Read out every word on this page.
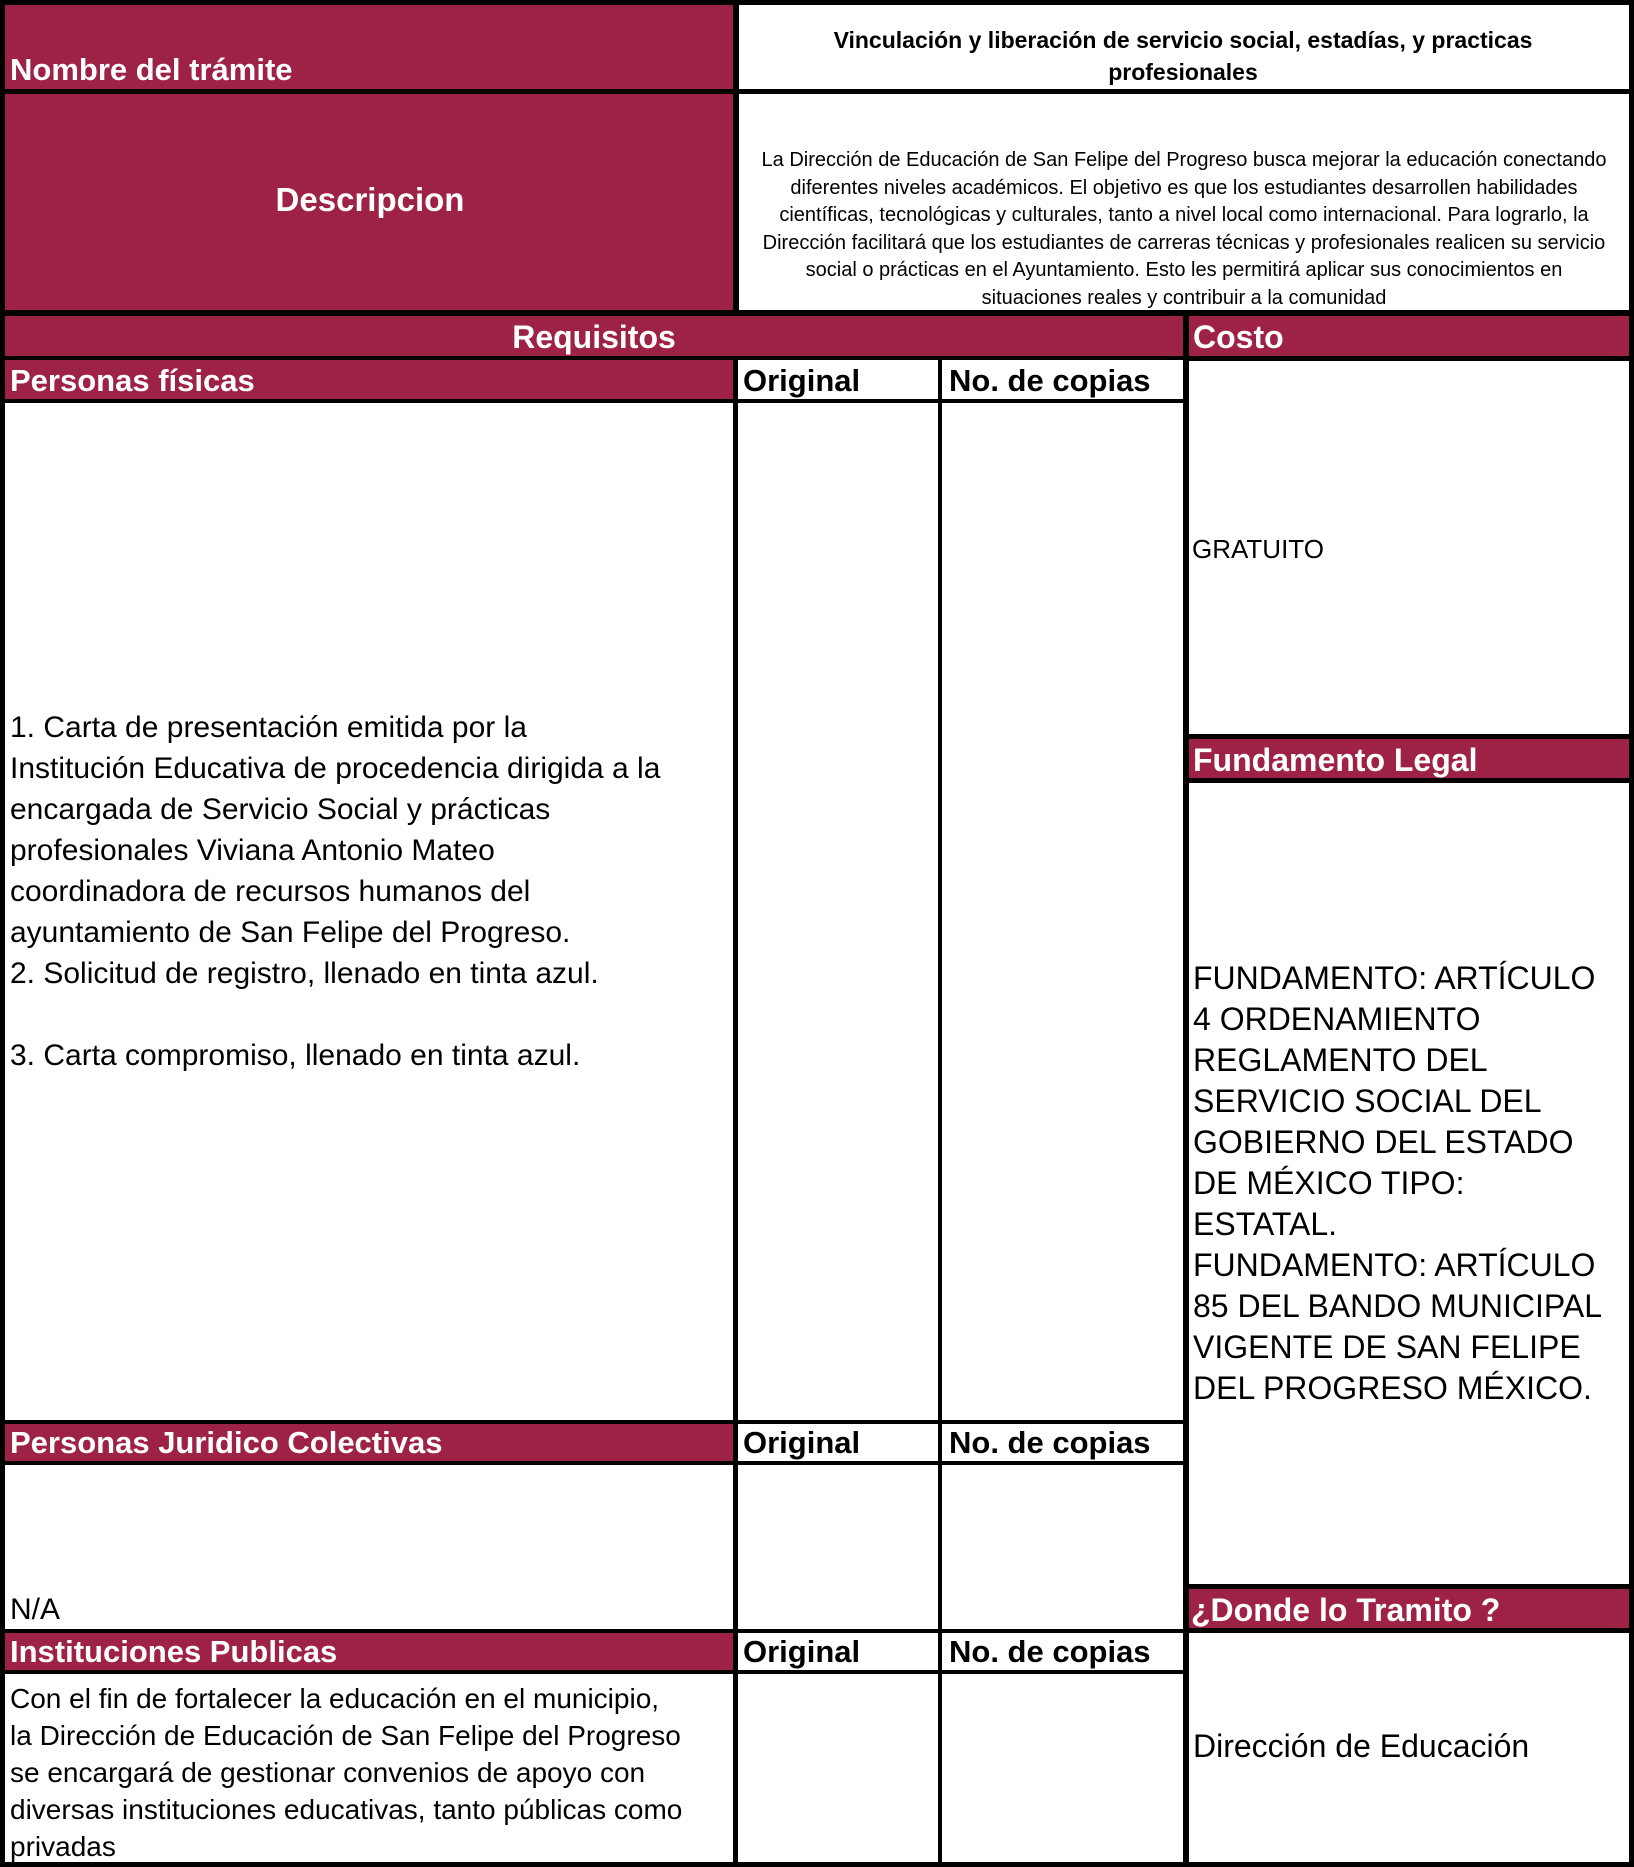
Nombre del trámite
Vinculación y liberación de servicio social, estadías, y practicas
profesionales
Descripcion
La Dirección de Educación de San Felipe del Progreso busca mejorar la educación conectando
diferentes niveles académicos. El objetivo es que los estudiantes desarrollen habilidades
científicas, tecnológicas y culturales, tanto a nivel local como internacional. Para lograrlo, la
Dirección facilitará que los estudiantes de carreras técnicas y profesionales realicen su servicio
social o prácticas en el Ayuntamiento. Esto les permitirá aplicar sus conocimientos en
situaciones reales y contribuir a la comunidad
Requisitos
Personas físicas	Original	No. de copias
1. Carta de presentación emitida por la
Institución Educativa de procedencia dirigida a la
encargada de Servicio Social y prácticas
profesionales Viviana Antonio Mateo
coordinadora de recursos humanos del
ayuntamiento de San Felipe del Progreso.
2. Solicitud de registro, llenado en tinta azul.
3. Carta compromiso, llenado en tinta azul.
Personas Juridico Colectivas	Original	No. de copias
N/A
Instituciones Publicas	Original	No. de copias
Con el fin de fortalecer la educación en el municipio,
la Dirección de Educación de San Felipe del Progreso
se encargará de gestionar convenios de apoyo con
diversas instituciones educativas, tanto públicas como
privadas
Costo
GRATUITO
Fundamento Legal
FUNDAMENTO: ARTÍCULO
4 ORDENAMIENTO
REGLAMENTO DEL
SERVICIO SOCIAL DEL
GOBIERNO DEL ESTADO
DE MÉXICO TIPO:
ESTATAL.
FUNDAMENTO: ARTÍCULO
85 DEL BANDO MUNICIPAL
VIGENTE DE SAN FELIPE
DEL PROGRESO MÉXICO.
¿Donde lo Tramito ?
Dirección de Educación
